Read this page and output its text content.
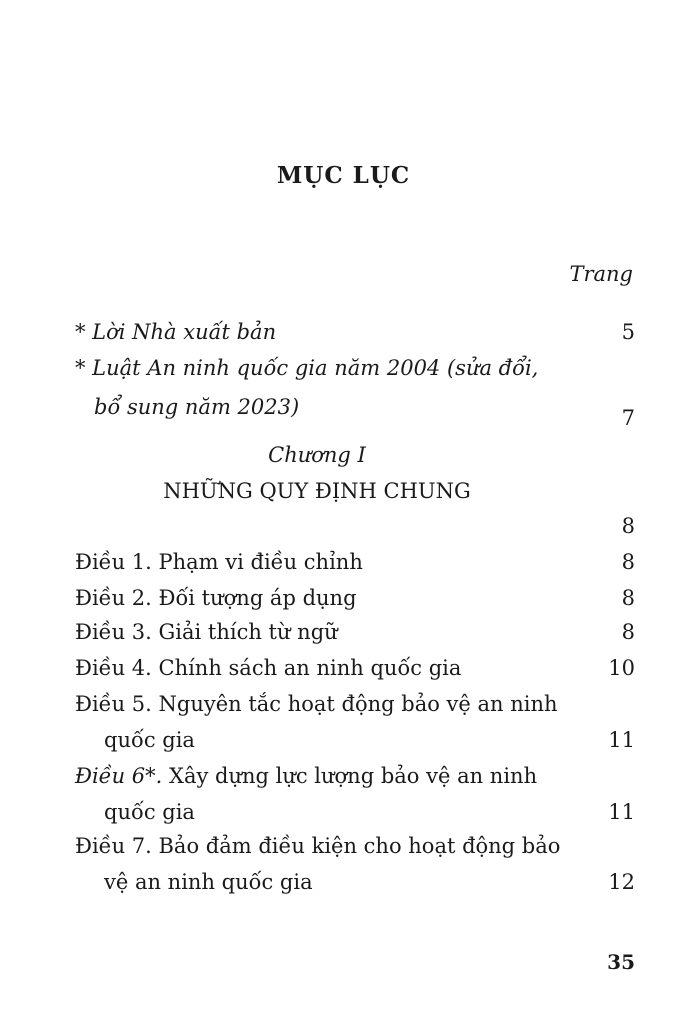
MỤC LỤC
Trang
* Lời Nhà xuất bản	5
* Luật An ninh quốc gia năm 2004 (sửa đổi,
bổ sung năm 2023)	7
Chương I
NHỮNG QUY ĐỊNH CHUNG
8
Điều 1. Phạm vi điều chỉnh	8
Điều 2. Đối tượng áp dụng	8
Điều 3. Giải thích từ ngữ	8
Điều 4. Chính sách an ninh quốc gia	10
Điều 5. Nguyên tắc hoạt động bảo vệ an ninh
quốc gia	11
Điều 6*. Xây dựng lực lượng bảo vệ an ninh
quốc gia	11
Điều 7. Bảo đảm điều kiện cho hoạt động bảo
vệ an ninh quốc gia	12
35
